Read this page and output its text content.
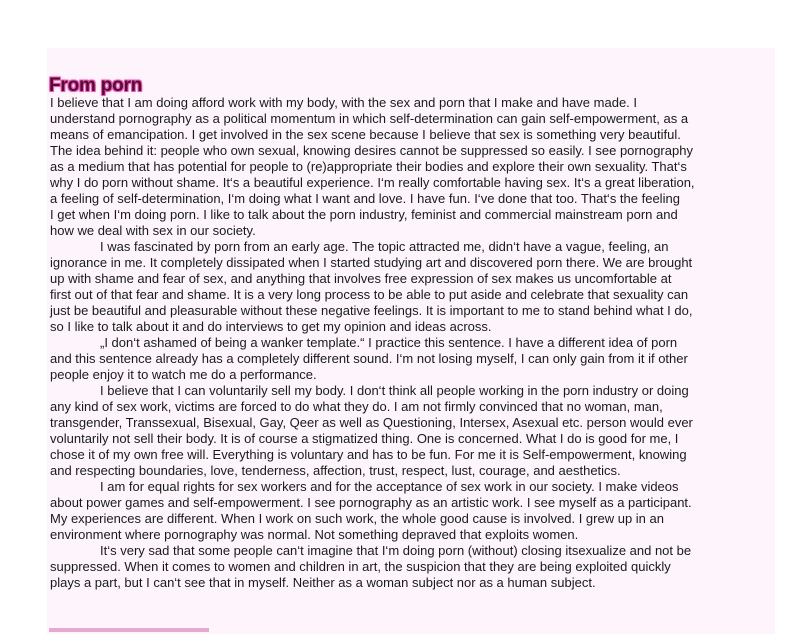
From porn

I believe that I am doing afford work with my body, with the sex and porn that I make and have made. I

understand pornography as a political momentum in which self-determination can gain self-empowerment, as a

means of emancipation. I get involved in the sex scene because I believe that sex is something very beautiful.

The idea behind it: people who own sexual, knowing desires cannot be suppressed so easily. I see pornography

as a medium that has potential for people to (re)appropriate their bodies and explore their own sexuality. That‘s

why I do porn without shame. It‘s a beautiful experience. I‘m really comfortable having sex. It‘s a great liberation,

a feeling of self-determination, I‘m doing what I want and love. I have fun. I‘ve done that too. That‘s the feeling

I get when I‘m doing porn. I like to talk about the porn industry, feminist and commercial mainstream porn and

how we deal with sex in our society.

I was fascinated by porn from an early age. The topic attracted me, didn‘t have a vague, feeling, an

ignorance in me. It completely dissipated when I started studying art and discovered porn there. We are brought

up with shame and fear of sex, and anything that involves free expression of sex makes us uncomfortable at

first out of that fear and shame. It is a very long process to be able to put aside and celebrate that sexuality can

just be beautiful and pleasurable without these negative feelings. It is important to me to stand behind what I do,

so I like to talk about it and do interviews to get my opinion and ideas across.

„I don‘t ashamed of being a wanker template.“ I practice this sentence. I have a different idea of porn

and this sentence already has a completely different sound. I‘m not losing myself, I can only gain from it if other

people enjoy it to watch me do a performance.

I believe that I can voluntarily sell my body. I don‘t think all people working in the porn industry or doing

any kind of sex work, victims are forced to do what they do. I am not firmly convinced that no woman, man,

transgender, Transsexual, Bisexual, Gay, Qeer as well as Questioning, Intersex, Asexual etc. person would ever

voluntarily not sell their body. It is of course a stigmatized thing. One is concerned. What I do is good for me, I

chose it of my own free will. Everything is voluntary and has to be fun. For me it is Self-empowerment, knowing

and respecting boundaries, love, tenderness, affection, trust, respect, lust, courage, and aesthetics.

I am for equal rights for sex workers and for the acceptance of sex work in our society. I make videos

about power games and self-empowerment. I see pornography as an artistic work. I see myself as a participant.

My experiences are different. When I work on such work, the whole good cause is involved. I grew up in an

environment where pornography was normal. Not something depraved that exploits women.

It‘s very sad that some people can‘t imagine that I‘m doing porn (without) closing itsexualize and not be

suppressed. When it comes to women and children in art, the suspicion that they are being exploited quickly

plays a part, but I can‘t see that in myself. Neither as a woman subject nor as a human subject.
